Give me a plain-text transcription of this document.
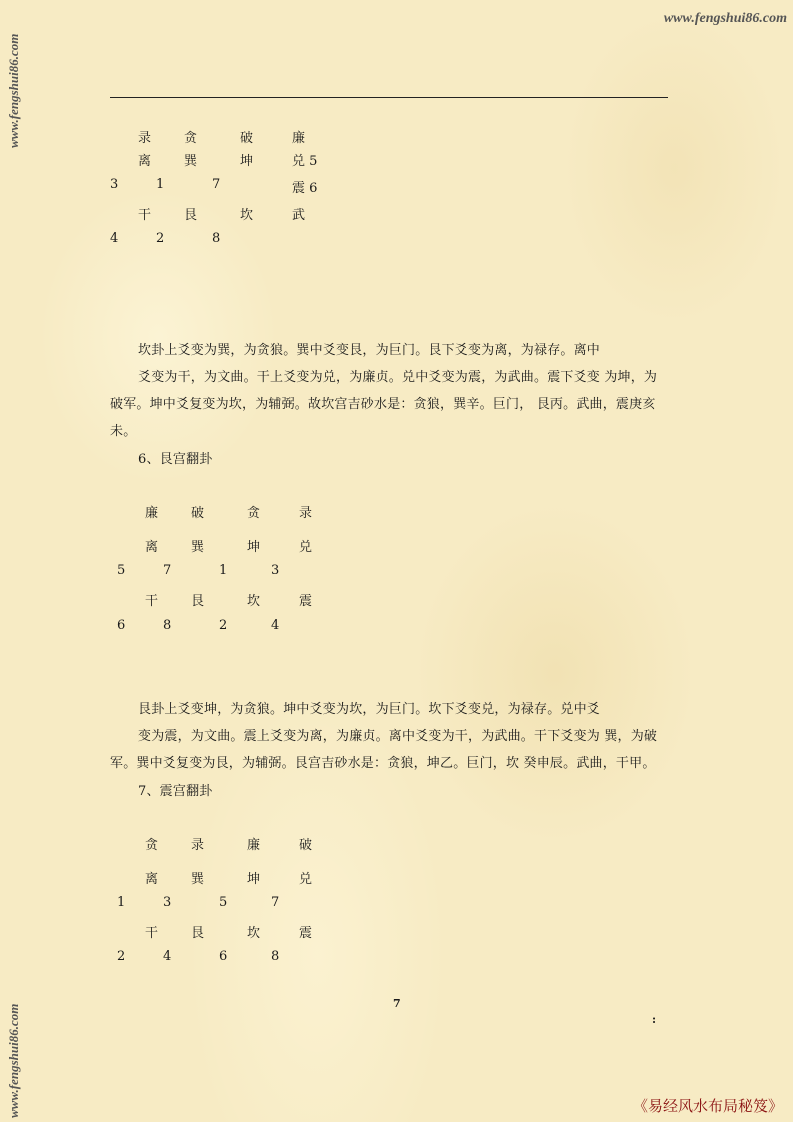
www.fengshui86.com
www.fengshui86.com
www.fengshui86.com
录	贪	破	廉
离	巽	坤	兑 5
3	1	7	震 6
干	艮	坎	武
4	2	8
坎卦上爻变为巽，为贪狼。巽中爻变艮，为巨门。艮下爻变为离，为禄存。离中
爻变为干，为文曲。干上爻变为兑，为廉贞。兑中爻变为震，为武曲。震下爻变 为坤，为
破军。坤中爻复变为坎，为辅弼。故坎宫吉砂水是：贪狼，巽辛。巨门， 艮丙。武曲，震庚亥
未。
6、艮宫翻卦
廉	破	贪	录
离	巽	坤	兑
5	7	1	3
干	艮	坎	震
6	8	2	4
艮卦上爻变坤，为贪狼。坤中爻变为坎，为巨门。坎下爻变兑，为禄存。兑中爻
变为震，为文曲。震上爻变为离，为廉贞。离中爻变为干，为武曲。干下爻变为 巽，为破
军。巽中爻复变为艮，为辅弼。艮宫吉砂水是：贪狼，坤乙。巨门，坎 癸申辰。武曲，干甲。
7、震宫翻卦
贪	录	廉	破
离	巽	坤	兑
1	3	5	7
干	艮	坎	震
2	4	6	8
7
:
《易经风水布局秘笈》
